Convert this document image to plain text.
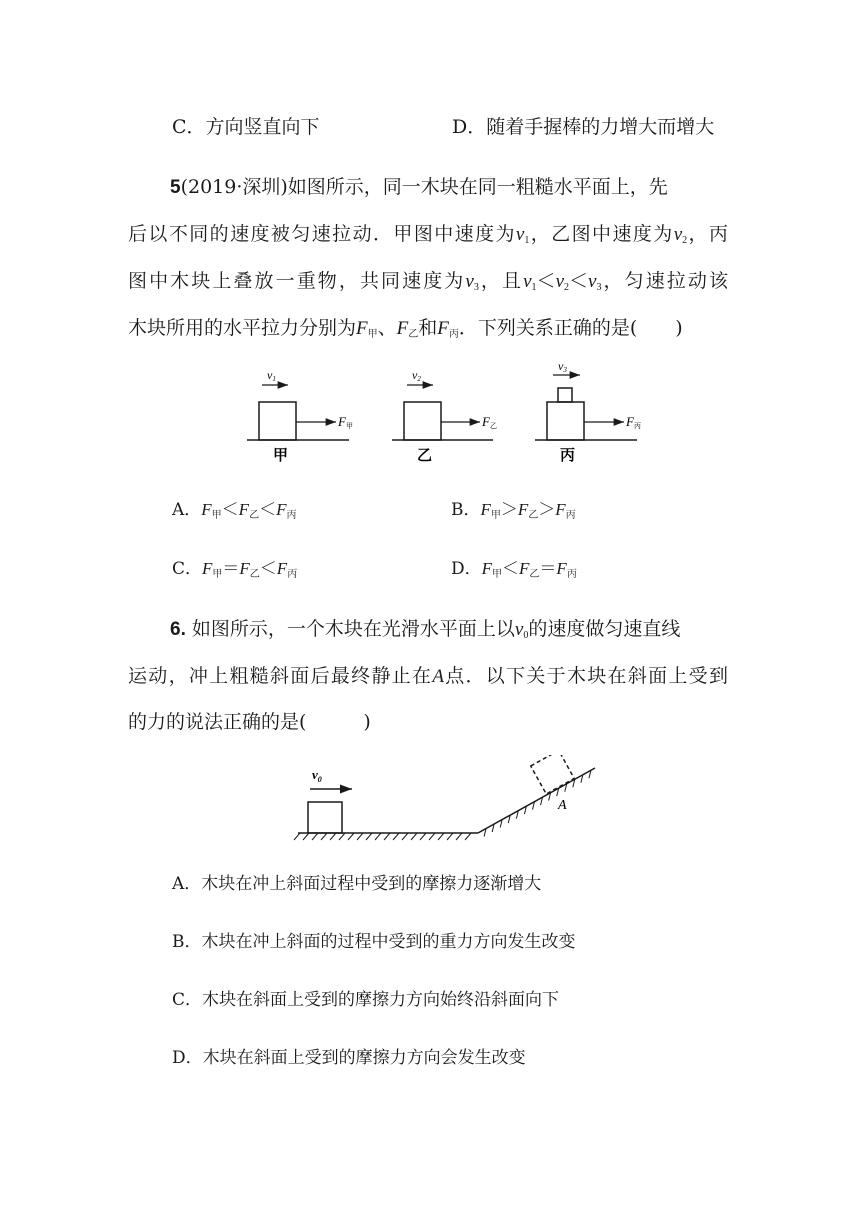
C．方向竖直向下	D．随着手握棒的力增大而增大
5(2019·深圳)如图所示，同一木块在同一粗糙水平面上，先
后以不同的速度被匀速拉动．甲图中速度为$v_1$，乙图中速度为$v_2$，丙
图中木块上叠放一重物，共同速度为$v_3$，且$v_1<v_2<v_3$，匀速拉动该
木块所用的水平拉力分别为$F_甲$、$F_乙$和$F_丙$．下列关系正确的是(　　)
v1
F甲
甲
v2
F乙
乙
v3
F丙
丙
A．$F_甲<F_乙<F_丙$	B．$F_甲>F_乙>F_丙$
C．$F_甲=F_乙<F_丙$	D．$F_甲<F_乙=F_丙$
6. 如图所示，一个木块在光滑水平面上以$v_0$的速度做匀速直线
运动，冲上粗糙斜面后最终静止在A点．以下关于木块在斜面上受到
的力的说法正确的是(　　　)
$v_0$
A
A．木块在冲上斜面过程中受到的摩擦力逐渐增大
B．木块在冲上斜面的过程中受到的重力方向发生改变
C．木块在斜面上受到的摩擦力方向始终沿斜面向下
D．木块在斜面上受到的摩擦力方向会发生改变
